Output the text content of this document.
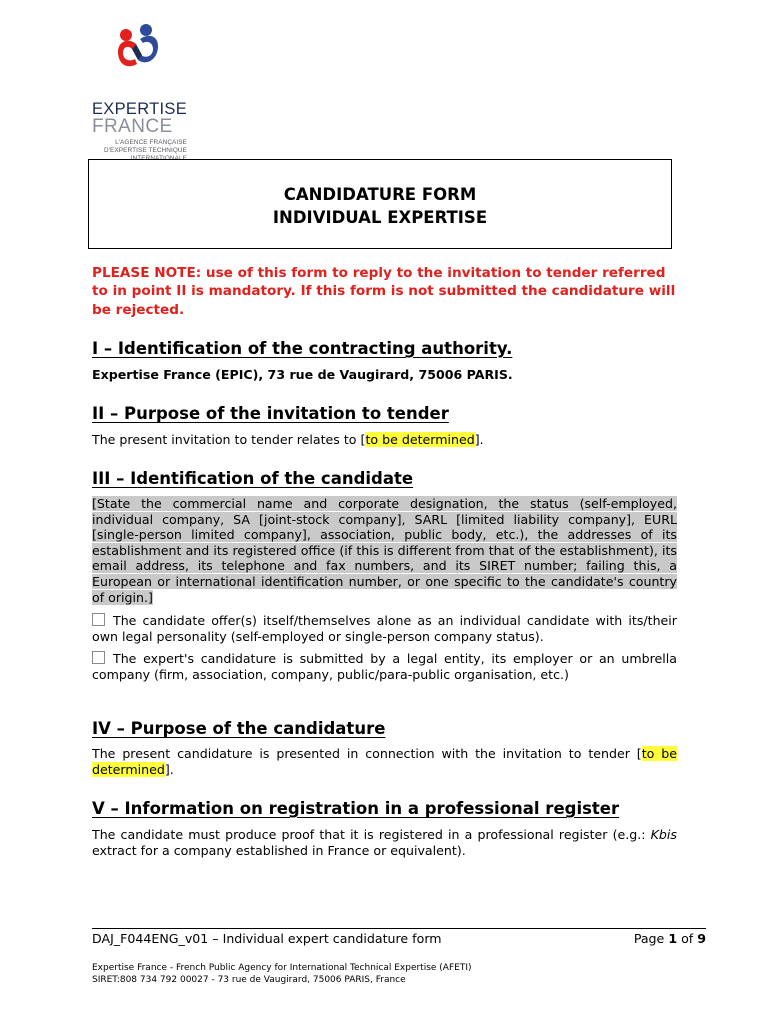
EXPERTISE
FRANCE
L'AGENCE FRANÇAISE
D'EXPERTISE TECHNIQUE
INTERNATIONALE
CANDIDATURE FORM
INDIVIDUAL EXPERTISE
PLEASE NOTE: use of this form to reply to the invitation to tender referred to in point II is mandatory. If this form is not submitted the candidature will be rejected.
I – Identification of the contracting authority.
Expertise France (EPIC), 73 rue de Vaugirard, 75006 PARIS.
II – Purpose of the invitation to tender
The present invitation to tender relates to [to be determined].
III – Identification of the candidate
[State the commercial name and corporate designation, the status (self-employed, individual company, SA [joint-stock company], SARL [limited liability company], EURL [single-person limited company], association, public body, etc.), the addresses of its establishment and its registered office (if this is different from that of the establishment), its email address, its telephone and fax numbers, and its SIRET number; failing this, a European or international identification number, or one specific to the candidate's country of origin.]
The candidate offer(s) itself/themselves alone as an individual candidate with its/their own legal personality (self-employed or single-person company status).
The expert's candidature is submitted by a legal entity, its employer or an umbrella company (firm, association, company, public/para-public organisation, etc.)
IV – Purpose of the candidature
The present candidature is presented in connection with the invitation to tender [to be determined].
V – Information on registration in a professional register
The candidate must produce proof that it is registered in a professional register (e.g.: Kbis extract for a company established in France or equivalent).
DAJ_F044ENG_v01 – Individual expert candidature form	Page 1 of 9
Expertise France - French Public Agency for International Technical Expertise (AFETI)
SIRET:808 734 792 00027 - 73 rue de Vaugirard, 75006 PARIS, France
